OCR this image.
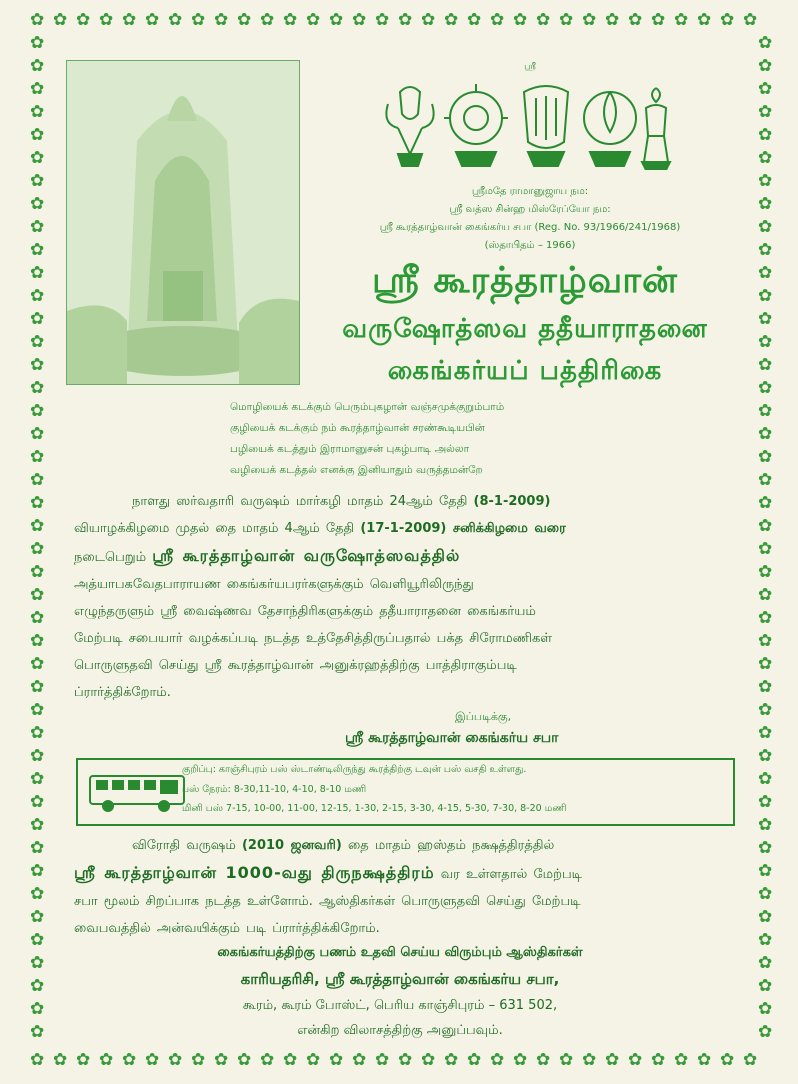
✿
✿
✿
✿
✿
✿
✿
✿
✿
✿
✿
✿
✿
✿
✿
✿
✿
✿
✿
✿
✿
✿
✿
✿
✿
✿
✿
✿
✿
✿
✿
✿
✿
✿
✿
✿
✿
✿
✿
✿
✿
✿
✿
✿
✿
✿
✿
✿
✿
✿
✿
✿
✿
✿
✿
✿
✿
✿
✿
✿
✿
✿
✿
✿
✿	✿
✿	✿
✿	✿
✿	✿
✿	✿
✿	✿
✿	✿
✿	✿
✿	✿
✿	✿
✿	✿
✿	✿
✿	✿
✿	✿
✿	✿
✿	✿
✿	✿
✿	✿
✿	✿
✿	✿
✿	✿
✿	✿
✿	✿
✿	✿
✿	✿
✿	✿
✿	✿
✿	✿
✿	✿
✿	✿
✿	✿
✿	✿
✿	✿
✿	✿
✿	✿
✿	✿
✿	✿
✿	✿
✿	✿
✿	✿
✿	✿
✿	✿
✿	✿
✿	✿
ஸ்ரீ
ஸ்ரீமதே ராமானுஜாய நம:
ஸ்ரீ வத்ஸ சின்ஹ மிஸ்ரேப்யோ நம:
ஸ்ரீ கூரத்தாழ்வான் கைங்கர்ய சபா (Reg. No. 93/1966/241/1968)
(ஸ்தாபிதம் – 1966)
ஸ்ரீ கூரத்தாழ்வான்
வருஷோத்ஸவ ததீயாராதனை
கைங்கர்யப் பத்திரிகை
மொழியைக் கடக்கும் பெரும்புகழான் வஞ்சமுக்குறும்பாம்
குழியைக் கடக்கும் நம் கூரத்தாழ்வான் சரண்கூடியபின்
பழியைக் கடத்தும் இராமானுசன் புகழ்பாடி அல்லா
வழியைக் கடத்தல் எனக்கு இனியாதும் வருத்தமன்றே
நாளது ஸர்வதாரி வருஷம் மார்கழி மாதம் 24ஆம் தேதி (8-1-2009)
வியாழக்கிழமை முதல் தை மாதம் 4ஆம் தேதி (17-1-2009) சனிக்கிழமை வரை
நடைபெறும் ஸ்ரீ கூரத்தாழ்வான் வருஷோத்ஸவத்தில்
அத்யாபகவேதபாராயண கைங்கர்யபரர்களுக்கும் வெளியூரிலிருந்து
எழுந்தருளும் ஸ்ரீ வைஷ்ணவ தேசாந்திரிகளுக்கும் ததீயாராதனை கைங்கர்யம்
மேற்படி சபையார் வழக்கப்படி நடத்த உத்தேசித்திருப்பதால் பக்த சிரோமணிகள்
பொருளுதவி செய்து ஸ்ரீ கூரத்தாழ்வான் அனுக்ரஹத்திற்கு பாத்திராகும்படி
ப்ரார்த்திக்றோம்.
இப்படிக்கு,
ஸ்ரீ கூரத்தாழ்வான் கைங்கர்ய சபா
குறிப்பு: காஞ்சிபுரம் பஸ் ஸ்டாண்டிலிருந்து கூரத்திற்கு டவுன் பஸ் வசதி உள்ளது.
பஸ் நேரம்: 8-30,11-10, 4-10, 8-10 மணி
மினி பஸ் 7-15, 10-00, 11-00, 12-15, 1-30, 2-15, 3-30, 4-15, 5-30, 7-30, 8-20 மணி
விரோதி வருஷம் (2010 ஜனவரி) தை மாதம் ஹஸ்தம் நக்ஷத்திரத்தில்
ஸ்ரீ கூரத்தாழ்வான் 1000-வது திருநக்ஷத்திரம் வர உள்ளதால் மேற்படி
சபா மூலம் சிறப்பாக நடத்த உள்ளோம். ஆஸ்திகர்கள் பொருளுதவி செய்து மேற்படி
வைபவத்தில் அன்வயிக்கும் படி ப்ரார்த்திக்கிறோம்.
கைங்கர்யத்திற்கு பணம் உதவி செய்ய விரும்பும் ஆஸ்திகர்கள்
காரியதரிசி, ஸ்ரீ கூரத்தாழ்வான் கைங்கர்ய சபா,
கூரம், கூரம் போஸ்ட், பெரிய காஞ்சிபுரம் – 631 502,
என்கிற விலாசத்திற்கு அனுப்பவும்.
